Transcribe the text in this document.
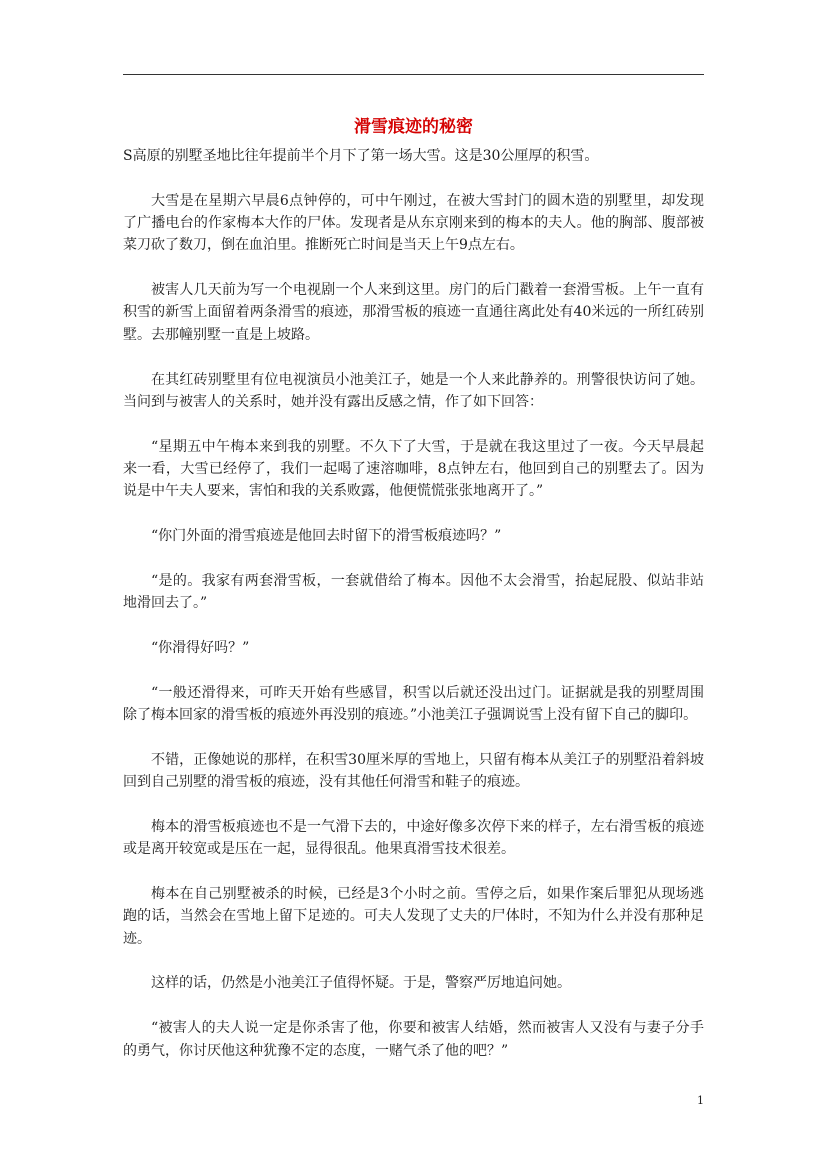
滑雪痕迹的秘密

S高原的别墅圣地比往年提前半个月下了第一场大雪。这是30公厘厚的积雪。

大雪是在星期六早晨6点钟停的，可中午刚过，在被大雪封门的圆木造的别墅里，却发现了广播电台的作家梅本大作的尸体。发现者是从东京刚来到的梅本的夫人。他的胸部、腹部被菜刀砍了数刀，倒在血泊里。推断死亡时间是当天上午9点左右。

被害人几天前为写一个电视剧一个人来到这里。房门的后门戳着一套滑雪板。上午一直有积雪的新雪上面留着两条滑雪的痕迹，那滑雪板的痕迹一直通往离此处有40米远的一所红砖别墅。去那幢别墅一直是上坡路。

在其红砖别墅里有位电视演员小池美江子，她是一个人来此静养的。刑警很快访问了她。当问到与被害人的关系时，她并没有露出反感之情，作了如下回答：

“星期五中午梅本来到我的别墅。不久下了大雪，于是就在我这里过了一夜。今天早晨起来一看，大雪已经停了，我们一起喝了速溶咖啡，8点钟左右，他回到自己的别墅去了。因为说是中午夫人要来，害怕和我的关系败露，他便慌慌张张地离开了。”

“你门外面的滑雪痕迹是他回去时留下的滑雪板痕迹吗？”

“是的。我家有两套滑雪板，一套就借给了梅本。因他不太会滑雪，抬起屁股、似站非站地滑回去了。”

“你滑得好吗？”

“一般还滑得来，可昨天开始有些感冒，积雪以后就还没出过门。证据就是我的别墅周围除了梅本回家的滑雪板的痕迹外再没别的痕迹。”小池美江子强调说雪上没有留下自己的脚印。

不错，正像她说的那样，在积雪30厘米厚的雪地上，只留有梅本从美江子的别墅沿着斜坡回到自己别墅的滑雪板的痕迹，没有其他任何滑雪和鞋子的痕迹。

梅本的滑雪板痕迹也不是一气滑下去的，中途好像多次停下来的样子，左右滑雪板的痕迹或是离开较宽或是压在一起，显得很乱。他果真滑雪技术很差。

梅本在自己别墅被杀的时候，已经是3个小时之前。雪停之后，如果作案后罪犯从现场逃跑的话，当然会在雪地上留下足迹的。可夫人发现了丈夫的尸体时，不知为什么并没有那种足迹。

这样的话，仍然是小池美江子值得怀疑。于是，警察严厉地追问她。

“被害人的夫人说一定是你杀害了他，你要和被害人结婚，然而被害人又没有与妻子分手的勇气，你讨厌他这种犹豫不定的态度，一赌气杀了他的吧？”

1
